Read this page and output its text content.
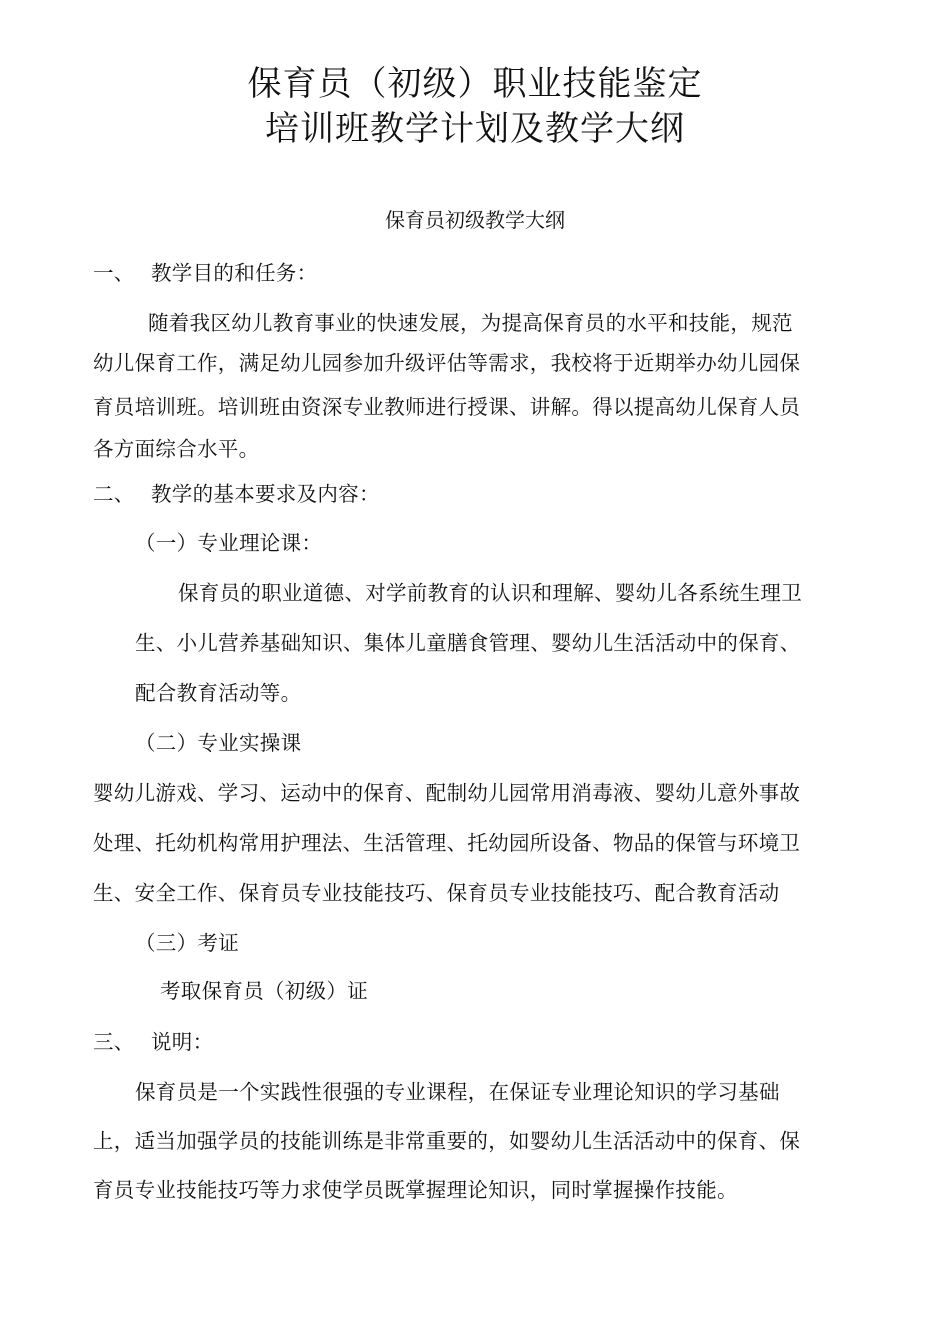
保育员（初级）职业技能鉴定
培训班教学计划及教学大纲
保育员初级教学大纲
一、 教学目的和任务：
随着我区幼儿教育事业的快速发展，为提高保育员的水平和技能，规范
幼儿保育工作，满足幼儿园参加升级评估等需求，我校将于近期举办幼儿园保
育员培训班。培训班由资深专业教师进行授课、讲解。得以提高幼儿保育人员
各方面综合水平。
二、 教学的基本要求及内容：
（一）专业理论课：
保育员的职业道德、对学前教育的认识和理解、婴幼儿各系统生理卫
生、小儿营养基础知识、集体儿童膳食管理、婴幼儿生活活动中的保育、
配合教育活动等。
（二）专业实操课
婴幼儿游戏、学习、运动中的保育、配制幼儿园常用消毒液、婴幼儿意外事故
处理、托幼机构常用护理法、生活管理、托幼园所设备、物品的保管与环境卫
生、安全工作、保育员专业技能技巧、保育员专业技能技巧、配合教育活动
（三）考证
考取保育员（初级）证
三、 说明：
保育员是一个实践性很强的专业课程，在保证专业理论知识的学习基础
上，适当加强学员的技能训练是非常重要的，如婴幼儿生活活动中的保育、保
育员专业技能技巧等力求使学员既掌握理论知识，同时掌握操作技能。
